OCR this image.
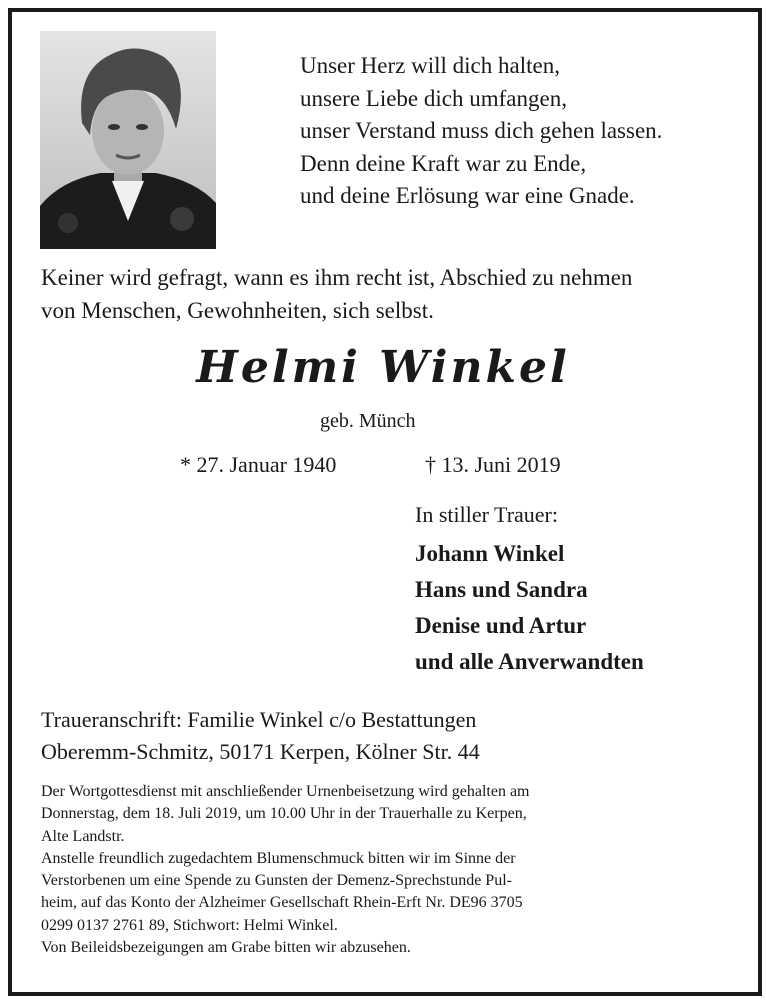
Unser Herz will dich halten,
unsere Liebe dich umfangen,
unser Verstand muss dich gehen lassen.
Denn deine Kraft war zu Ende,
und deine Erlösung war eine Gnade.
Keiner wird gefragt, wann es ihm recht ist, Abschied zu nehmen
von Menschen, Gewohnheiten, sich selbst.
Helmi Winkel
geb. Münch
* 27. Januar 1940	† 13. Juni 2019
In stiller Trauer:
Johann Winkel
Hans und Sandra
Denise und Artur
und alle Anverwandten
Traueranschrift: Familie Winkel c/o Bestattungen
Oberemm-Schmitz, 50171 Kerpen, Kölner Str. 44
Der Wortgottesdienst mit anschließender Urnenbeisetzung wird gehalten am
Donnerstag, dem 18. Juli 2019, um 10.00 Uhr in der Trauerhalle zu Kerpen,
Alte Landstr.
Anstelle freundlich zugedachtem Blumenschmuck bitten wir im Sinne der
Verstorbenen um eine Spende zu Gunsten der Demenz-Sprechstunde Pul-
heim, auf das Konto der Alzheimer Gesellschaft Rhein-Erft Nr. DE96 3705
0299 0137 2761 89, Stichwort: Helmi Winkel.
Von Beileidsbezeigungen am Grabe bitten wir abzusehen.
